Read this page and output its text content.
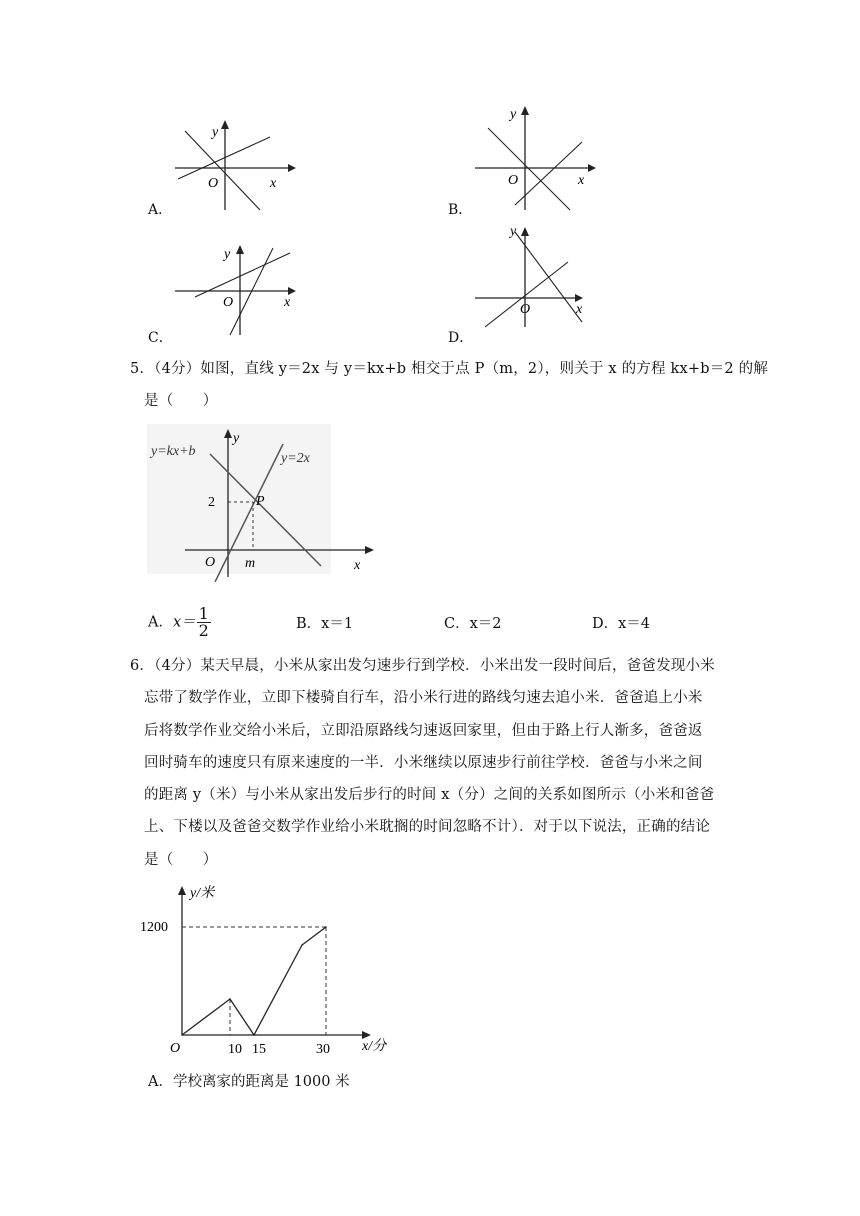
y
O	x
A．
y
O	x
B．
y
O	x
C．
y
O	x
D．
5．（4分）如图，直线 y＝2x 与 y＝kx+b 相交于点 P（m，2），则关于 x 的方程 kx+b＝2 的解
是（　　）
y=kx+b	y=2x
y
2	P
O m	x
A．$x= \frac{1}{2}$	B．x＝1	C．x＝2	D．x＝4
6．（4分）某天早晨，小米从家出发匀速步行到学校．小米出发一段时间后，爸爸发现小米
忘带了数学作业，立即下楼骑自行车，沿小米行进的路线匀速去追小米．爸爸追上小米
后将数学作业交给小米后，立即沿原路线匀速返回家里，但由于路上行人渐多，爸爸返
回时骑车的速度只有原来速度的一半．小米继续以原速步行前往学校．爸爸与小米之间
的距离 y（米）与小米从家出发后步行的时间 x（分）之间的关系如图所示（小米和爸爸
上、下楼以及爸爸交数学作业给小米耽搁的时间忽略不计）．对于以下说法，正确的结论
是（　　）
y/米
1200
O	10 15	30 x/分
A．学校离家的距离是 1000 米
